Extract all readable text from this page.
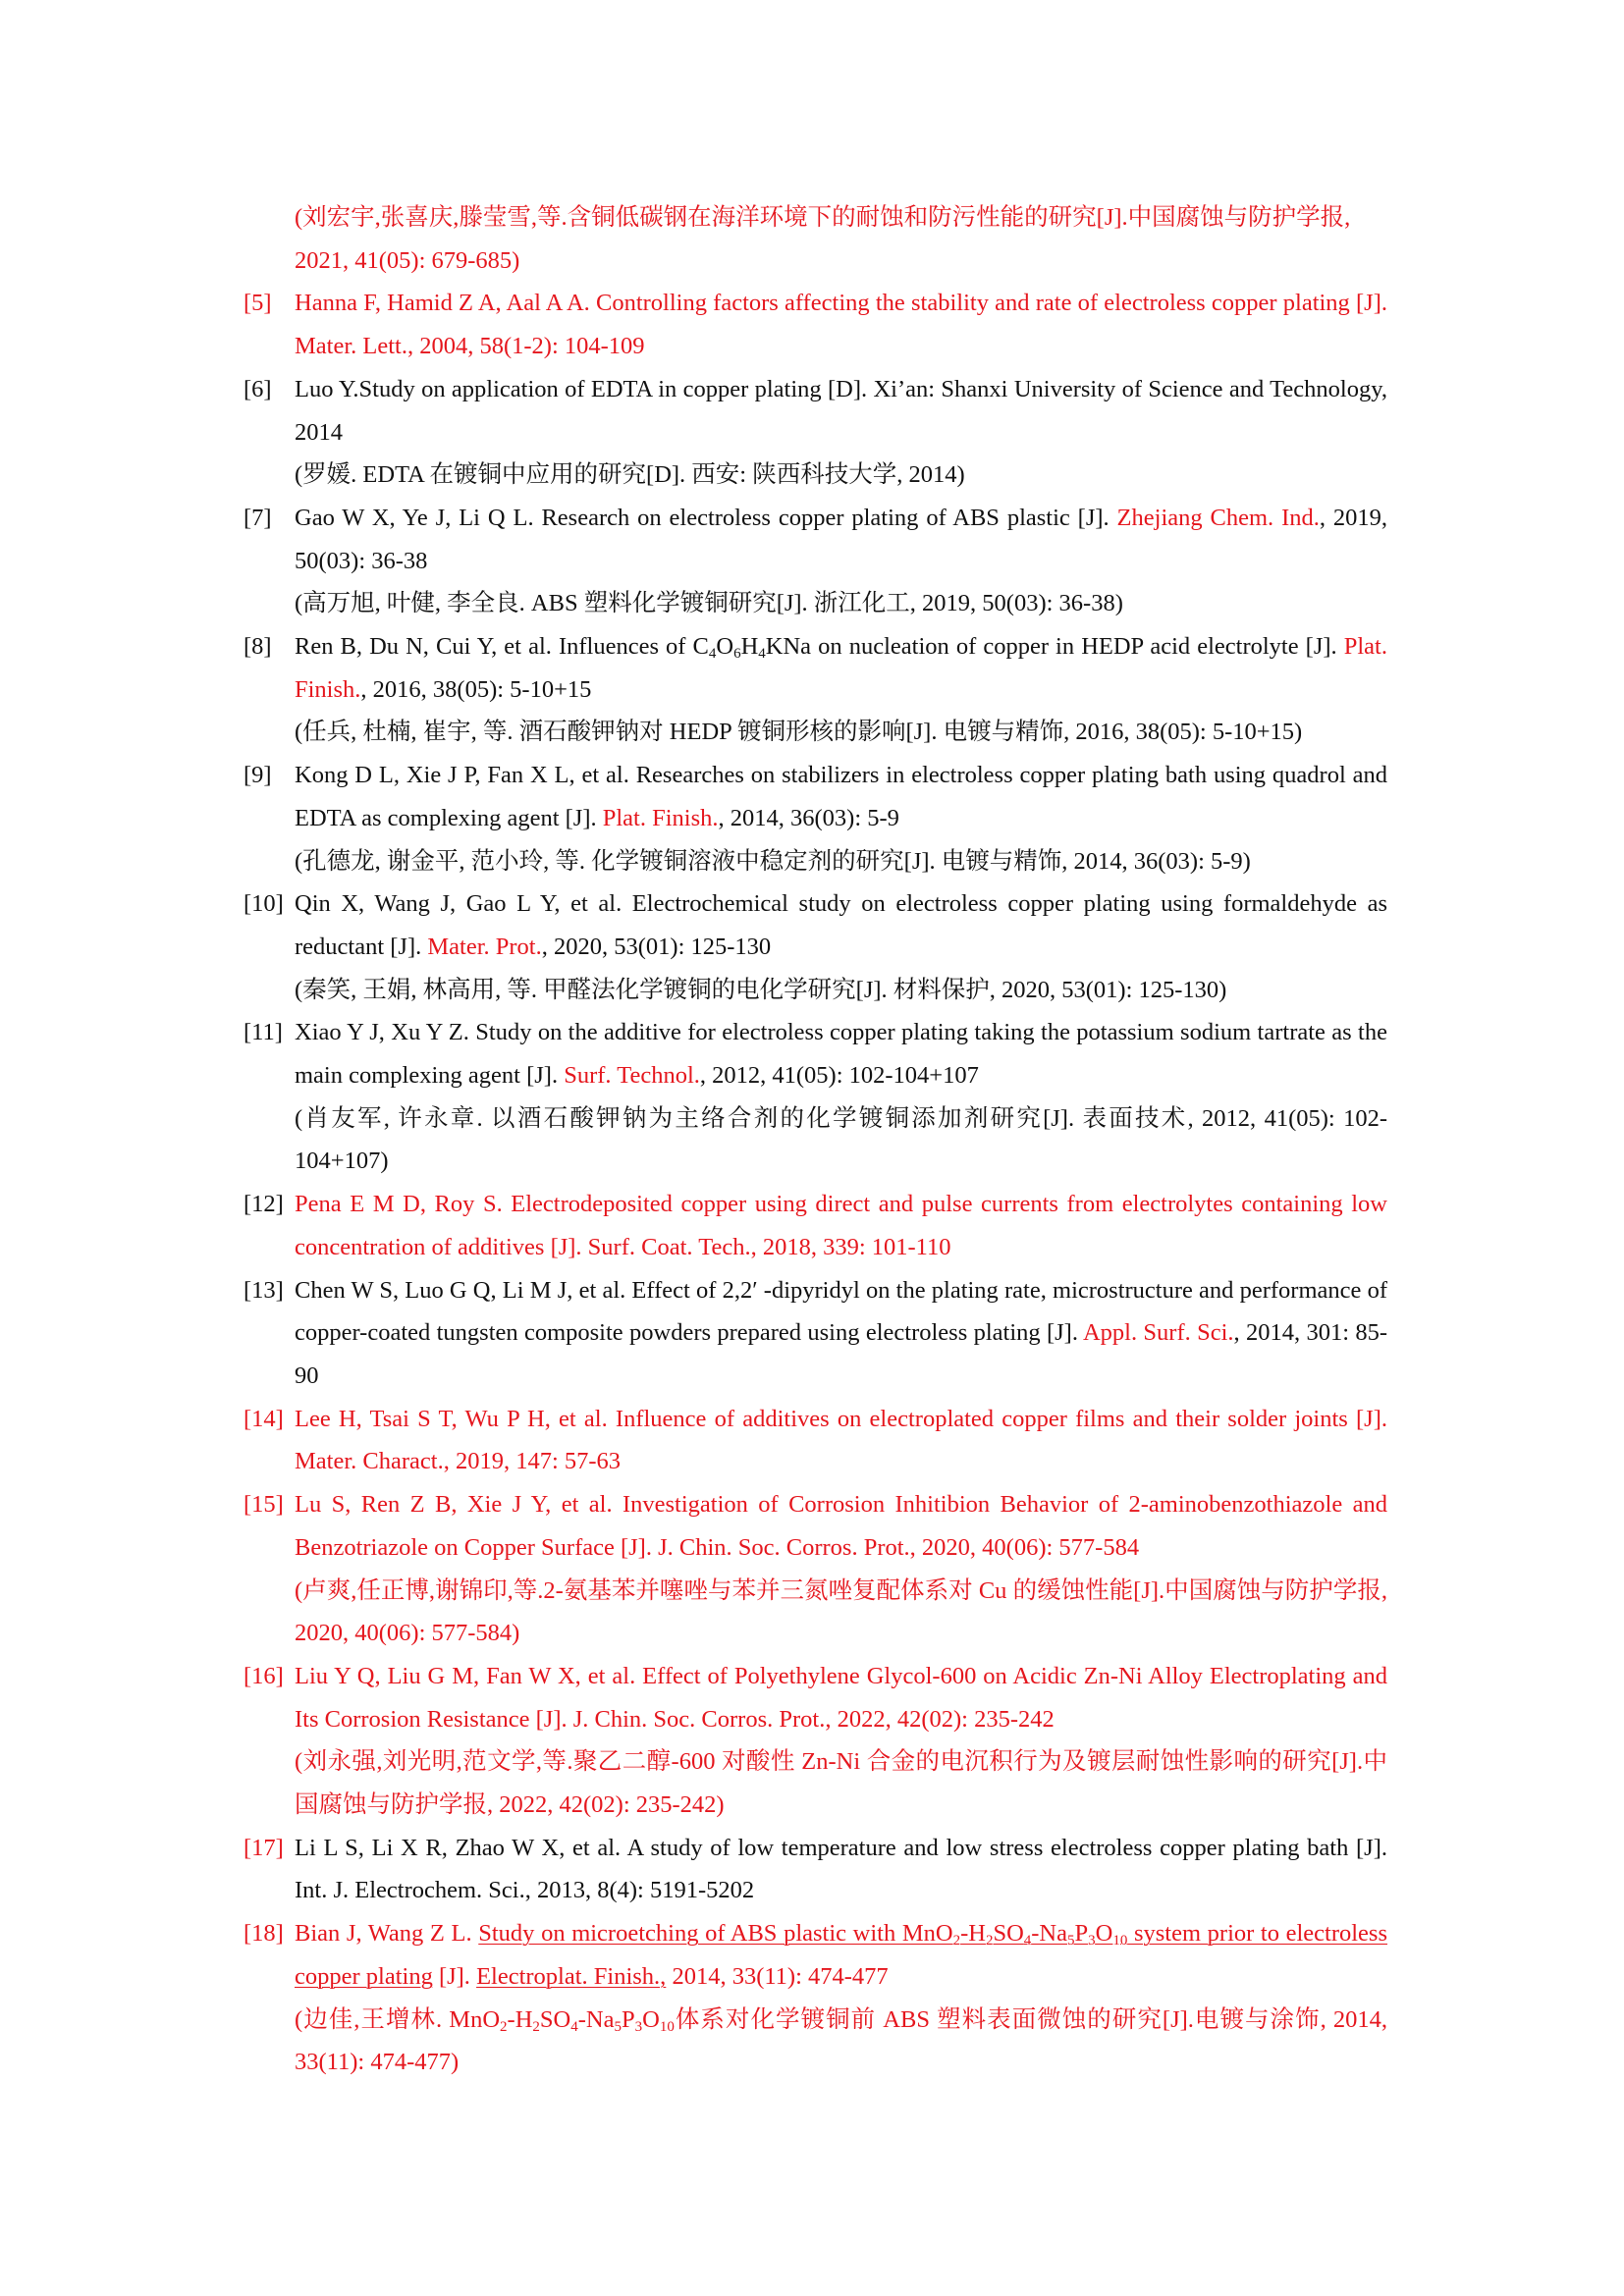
(刘宏宇,张喜庆,滕莹雪,等.含铜低碳钢在海洋环境下的耐蚀和防污性能的研究[J].中国腐蚀与防护学报,
2021, 41(05): 679-685)
[5] Hanna F, Hamid Z A, Aal A A. Controlling factors affecting the stability and rate of electroless copper plating [J]. Mater. Lett., 2004, 58(1-2): 104-109
[6] Luo Y.Study on application of EDTA in copper plating [D]. Xi’an: Shanxi University of Science and Technology, 2014
(罗媛. EDTA 在镀铜中应用的研究[D]. 西安: 陕西科技大学, 2014)
[7] Gao W X, Ye J, Li Q L. Research on electroless copper plating of ABS plastic [J]. Zhejiang Chem. Ind., 2019, 50(03): 36-38
(高万旭, 叶健, 李全良. ABS 塑料化学镀铜研究[J]. 浙江化工, 2019, 50(03): 36-38)
[8] Ren B, Du N, Cui Y, et al. Influences of $C_4O_6H_4KNa$ on nucleation of copper in HEDP acid electrolyte [J]. Plat. Finish., 2016, 38(05): 5-10+15
(任兵, 杜楠, 崔宇, 等. 酒石酸钾钠对 HEDP 镀铜形核的影响[J]. 电镀与精饰, 2016, 38(05): 5-10+15)
[9] Kong D L, Xie J P, Fan X L, et al. Researches on stabilizers in electroless copper plating bath using quadrol and EDTA as complexing agent [J]. Plat. Finish., 2014, 36(03): 5-9
(孔德龙, 谢金平, 范小玲, 等. 化学镀铜溶液中稳定剂的研究[J]. 电镀与精饰, 2014, 36(03): 5-9)
[10] Qin X, Wang J, Gao L Y, et al. Electrochemical study on electroless copper plating using formaldehyde as reductant [J]. Mater. Prot., 2020, 53(01): 125-130
(秦笑, 王娟, 林高用, 等. 甲醛法化学镀铜的电化学研究[J]. 材料保护, 2020, 53(01): 125-130)
[11] Xiao Y J, Xu Y Z. Study on the additive for electroless copper plating taking the potassium sodium tartrate as the main complexing agent [J]. Surf. Technol., 2012, 41(05): 102-104+107
(肖友军, 许永章. 以酒石酸钾钠为主络合剂的化学镀铜添加剂研究[J]. 表面技术, 2012, 41(05): 102-104+107)
[12] Pena E M D, Roy S. Electrodeposited copper using direct and pulse currents from electrolytes containing low concentration of additives [J]. Surf. Coat. Tech., 2018, 339: 101-110
[13] Chen W S, Luo G Q, Li M J, et al. Effect of 2,2′ -dipyridyl on the plating rate, microstructure and performance of copper-coated tungsten composite powders prepared using electroless plating [J]. Appl. Surf. Sci., 2014, 301: 85-90
[14] Lee H, Tsai S T, Wu P H, et al. Influence of additives on electroplated copper films and their solder joints [J]. Mater. Charact., 2019, 147: 57-63
[15] Lu S, Ren Z B, Xie J Y, et al. Investigation of Corrosion Inhitibion Behavior of 2-aminobenzothiazole and Benzotriazole on Copper Surface [J]. J. Chin. Soc. Corros. Prot., 2020, 40(06): 577-584
(卢爽,任正博,谢锦印,等.2-氨基苯并噻唑与苯并三氮唑复配体系对 Cu 的缓蚀性能[J].中国腐蚀与防护学报, 2020, 40(06): 577-584)
[16] Liu Y Q, Liu G M, Fan W X, et al. Effect of Polyethylene Glycol-600 on Acidic Zn-Ni Alloy Electroplating and Its Corrosion Resistance [J]. J. Chin. Soc. Corros. Prot., 2022, 42(02): 235-242
(刘永强,刘光明,范文学,等.聚乙二醇-600 对酸性 Zn-Ni 合金的电沉积行为及镀层耐蚀性影响的研究[J].中国腐蚀与防护学报, 2022, 42(02): 235-242)
[17] Li L S, Li X R, Zhao W X, et al. A study of low temperature and low stress electroless copper plating bath [J]. Int. J. Electrochem. Sci., 2013, 8(4): 5191-5202
[18] Bian J, Wang Z L. Study on microetching of ABS plastic with $MnO_2-H_2SO_4-Na_5P_3O_{10}$ system prior to electroless copper plating [J]. Electroplat. Finish., 2014, 33(11): 474-477
(边佳,王增林. $MnO_2-H_2SO_4-Na_5P_3O_{10}$体系对化学镀铜前 ABS 塑料表面微蚀的研究[J].电镀与涂饰, 2014, 33(11): 474-477)
